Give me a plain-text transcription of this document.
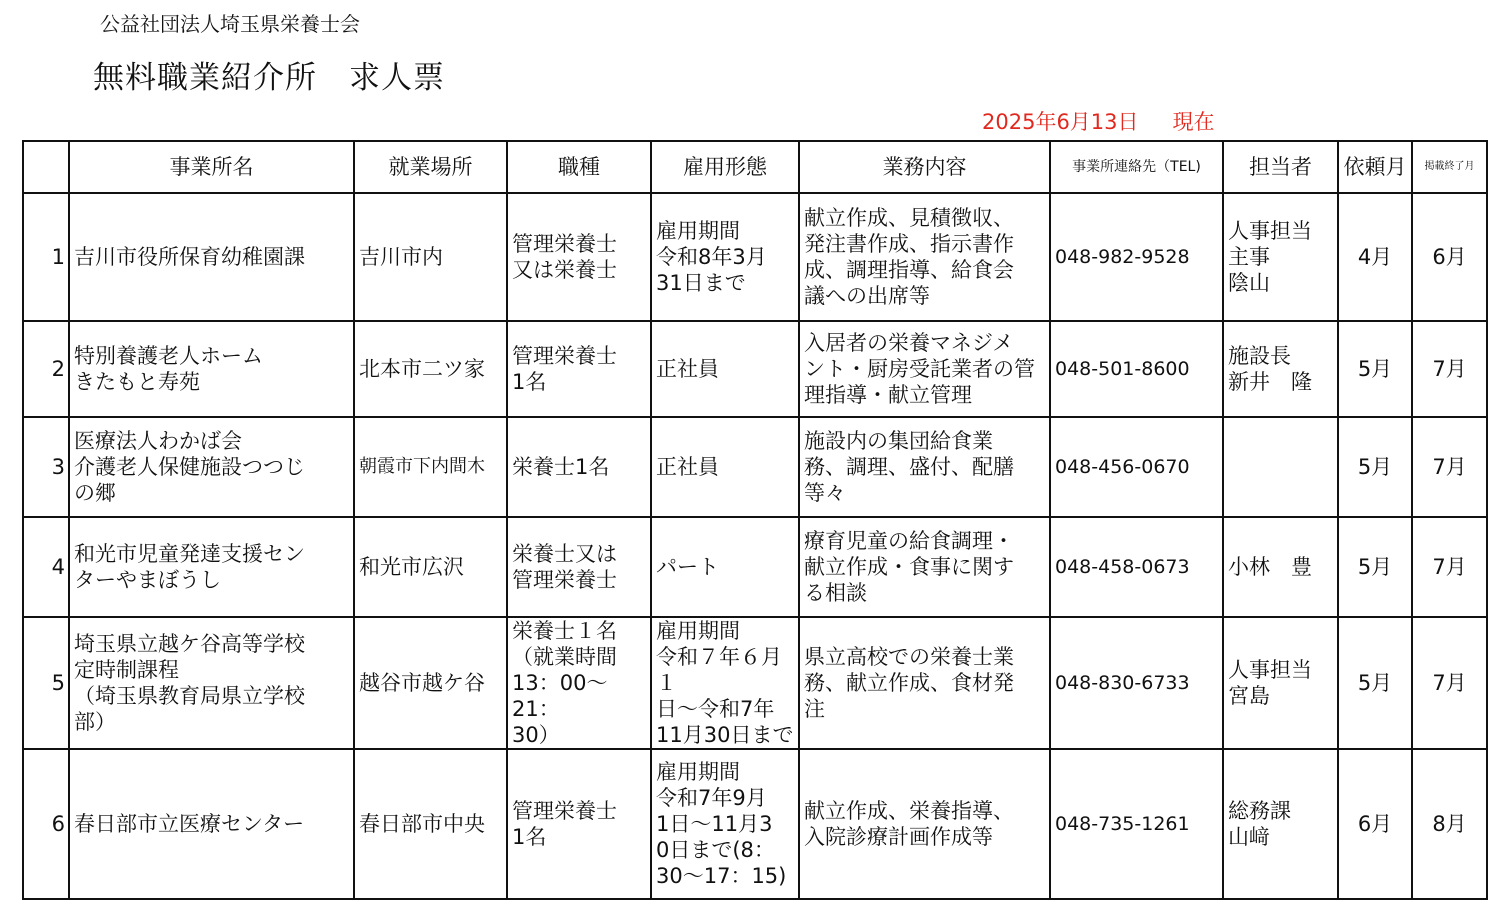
公益社団法人埼玉県栄養士会
無料職業紹介所　求人票
2025年6月13日 現在
	事業所名	就業場所	職種	雇用形態	業務内容	事業所連絡先（TEL)	担当者	依頼月	掲載終了月
1	吉川市役所保育幼稚園課	吉川市内	管理栄養士
又は栄養士	雇用期間
令和8年3月
31日まで	献立作成、見積徴収、
発注書作成、指示書作
成、調理指導、給食会
議への出席等	048-982-9528	人事担当
主事
陰山	4月	6月
2	特別養護老人ホーム
きたもと寿苑	北本市二ツ家	管理栄養士
1名	正社員	入居者の栄養マネジメ
ント・厨房受託業者の管
理指導・献立管理	048-501-8600	施設長
新井　隆	5月	7月
3	医療法人わかば会
介護老人保健施設つつじ
の郷	朝霞市下内間木	栄養士1名	正社員	施設内の集団給食業
務、調理、盛付、配膳
等々	048-456-0670		5月	7月
4	和光市児童発達支援セン
ターやまぼうし	和光市広沢	栄養士又は
管理栄養士	パート	療育児童の給食調理・
献立作成・食事に関す
る相談	048-458-0673	小林　豊	5月	7月
5	埼玉県立越ケ谷高等学校
定時制課程
（埼玉県教育局県立学校
部）	越谷市越ケ谷	栄養士１名
（就業時間
13：00～21：
30）	雇用期間
令和７年６月１
日～令和7年
11月30日まで	県立高校での栄養士業
務、献立作成、食材発
注	048-830-6733	人事担当
宮島	5月	7月
6	春日部市立医療センター	春日部市中央	管理栄養士
1名	雇用期間
令和7年9月
1日～11月3
0日まで(8：
30～17：15)	献立作成、栄養指導、
入院診療計画作成等	048-735-1261	総務課
山﨑	6月	8月
